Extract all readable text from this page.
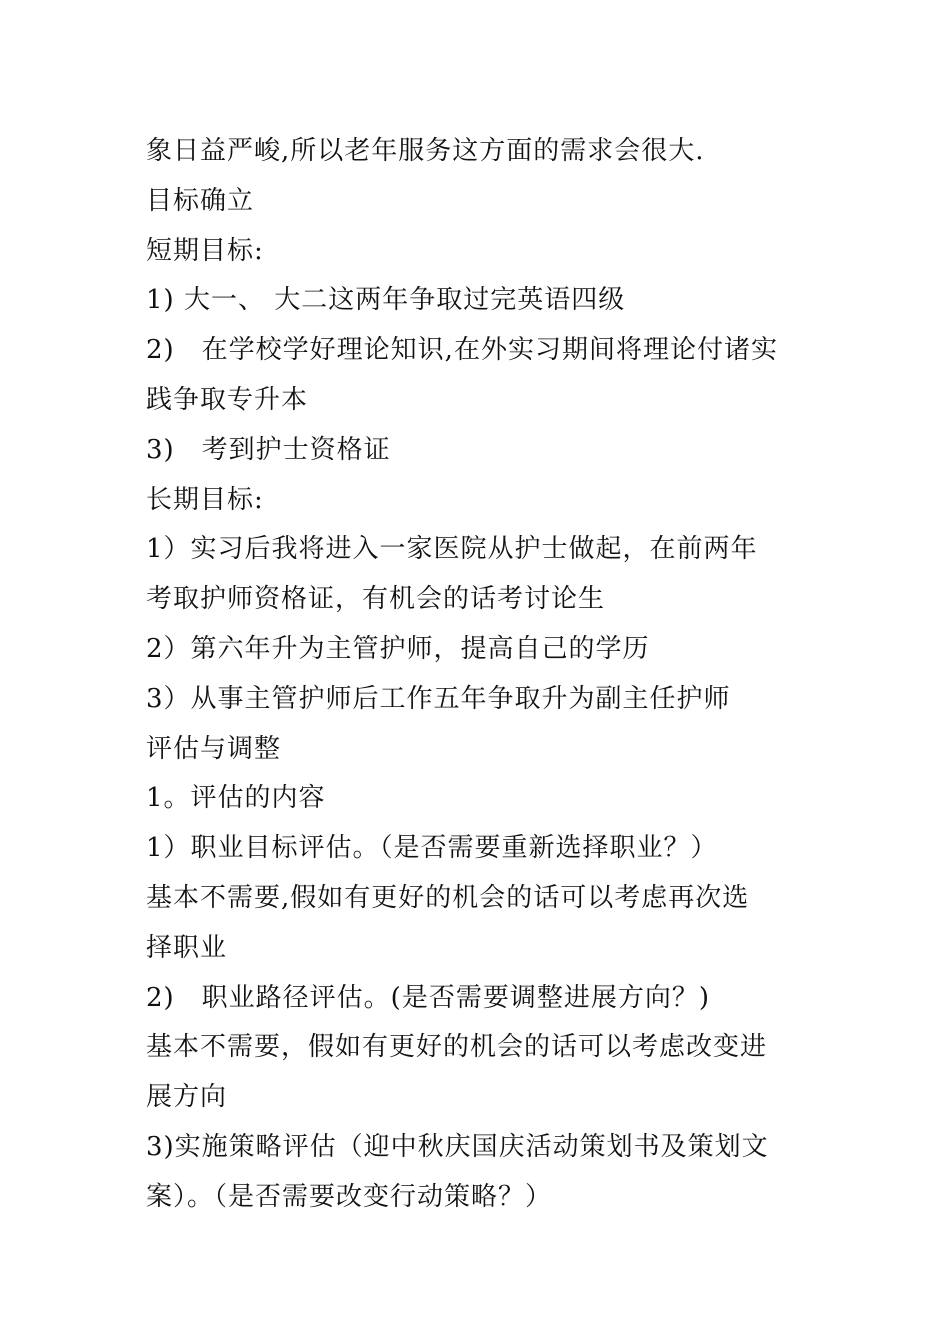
象日益严峻,所以老年服务这方面的需求会很大.
目标确立
短期目标:
1) 大一、 大二这两年争取过完英语四级
2)　在学校学好理论知识,在外实习期间将理论付诸实
践争取专升本
3)　考到护士资格证
长期目标:
1）实习后我将进入一家医院从护士做起，在前两年
考取护师资格证，有机会的话考讨论生
2）第六年升为主管护师，提高自己的学历
3）从事主管护师后工作五年争取升为副主任护师
评估与调整
1。评估的内容
1）职业目标评估。（是否需要重新选择职业？）
基本不需要,假如有更好的机会的话可以考虑再次选
择职业
2)　职业路径评估。(是否需要调整进展方向？)
基本不需要，假如有更好的机会的话可以考虑改变进
展方向
3)实施策略评估（迎中秋庆国庆活动策划书及策划文
案）。（是否需要改变行动策略？）
